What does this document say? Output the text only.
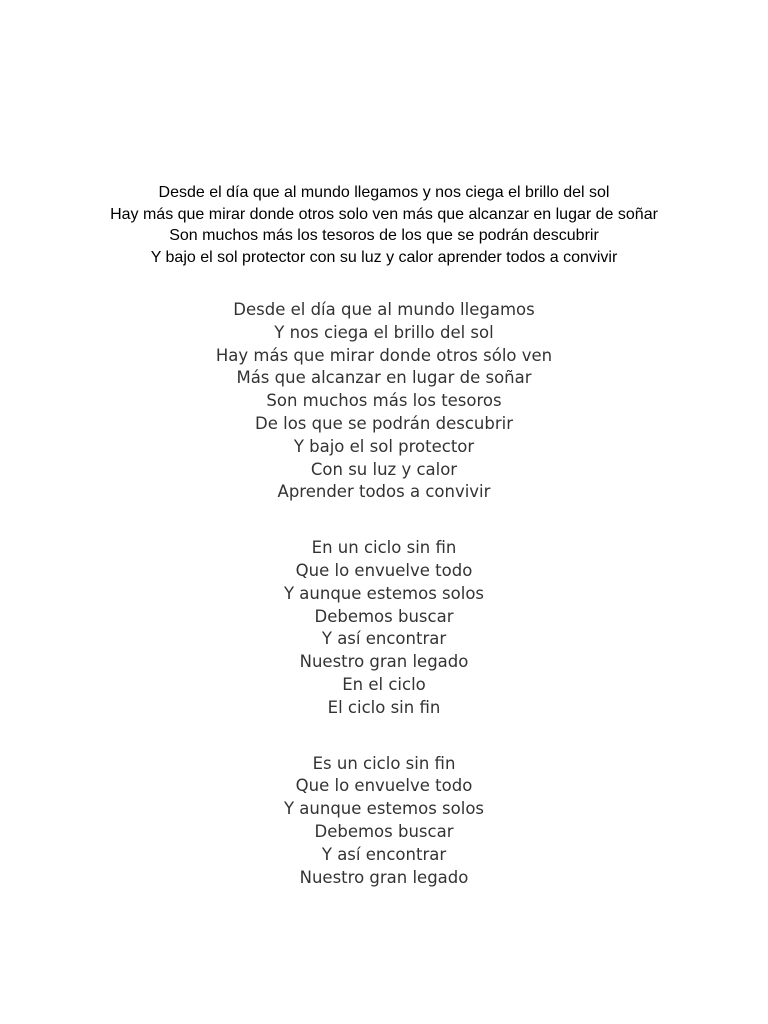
Desde el día que al mundo llegamos y nos ciega el brillo del sol
Hay más que mirar donde otros solo ven más que alcanzar en lugar de soñar
Son muchos más los tesoros de los que se podrán descubrir
Y bajo el sol protector con su luz y calor aprender todos a convivir
Desde el día que al mundo llegamos
Y nos ciega el brillo del sol
Hay más que mirar donde otros sólo ven
Más que alcanzar en lugar de soñar
Son muchos más los tesoros
De los que se podrán descubrir
Y bajo el sol protector
Con su luz y calor
Aprender todos a convivir
En un ciclo sin fin
Que lo envuelve todo
Y aunque estemos solos
Debemos buscar
Y así encontrar
Nuestro gran legado
En el ciclo
El ciclo sin fin
Es un ciclo sin fin
Que lo envuelve todo
Y aunque estemos solos
Debemos buscar
Y así encontrar
Nuestro gran legado
